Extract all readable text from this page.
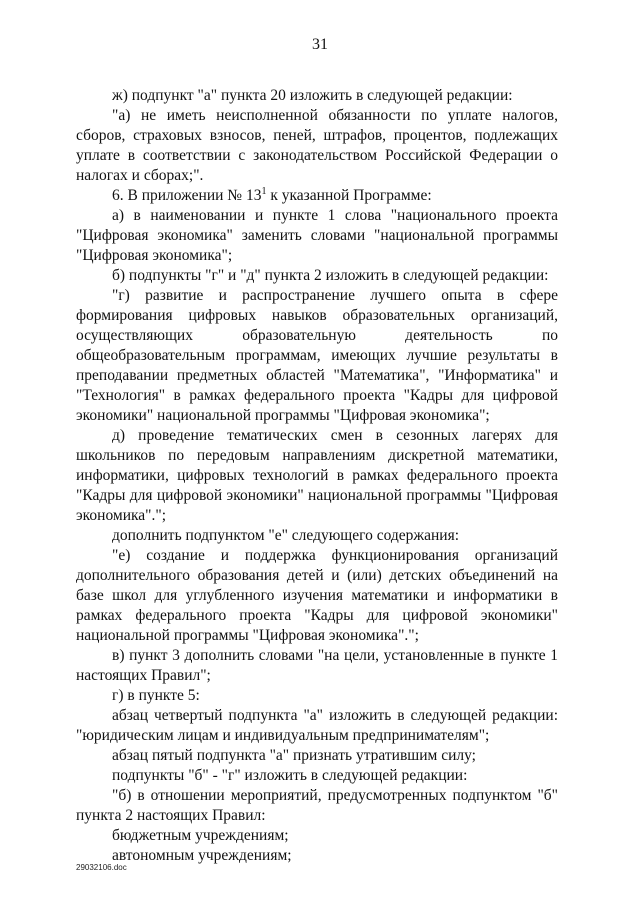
31

ж) подпункт "а" пункта 20 изложить в следующей редакции:

"а) не иметь неисполненной обязанности по уплате налогов, сборов, страховых взносов, пеней, штрафов, процентов, подлежащих уплате в соответствии с законодательством Российской Федерации о налогах и сборах;".

6. В приложении № $13^1$ к указанной Программе:

а) в наименовании и пункте 1 слова "национального проекта "Цифровая экономика" заменить словами "национальной программы "Цифровая экономика";

б) подпункты "г" и "д" пункта 2 изложить в следующей редакции:

"г) развитие и распространение лучшего опыта в сфере формирования цифровых навыков образовательных организаций, осуществляющих образовательную деятельность по общеобразовательным программам, имеющих лучшие результаты в преподавании предметных областей "Математика", "Информатика" и "Технология" в рамках федерального проекта "Кадры для цифровой экономики" национальной программы "Цифровая экономика";

д) проведение тематических смен в сезонных лагерях для школьников по передовым направлениям дискретной математики, информатики, цифровых технологий в рамках федерального проекта "Кадры для цифровой экономики" национальной программы "Цифровая экономика".";

дополнить подпунктом "е" следующего содержания:

"е) создание и поддержка функционирования организаций дополнительного образования детей и (или) детских объединений на базе школ для углубленного изучения математики и информатики в рамках федерального проекта "Кадры для цифровой экономики" национальной программы "Цифровая экономика".";

в) пункт 3 дополнить словами "на цели, установленные в пункте 1 настоящих Правил";

г) в пункте 5:

абзац четвертый подпункта "а" изложить в следующей редакции: "юридическим лицам и индивидуальным предпринимателям";

абзац пятый подпункта "а" признать утратившим силу;

подпункты "б" - "г" изложить в следующей редакции:

"б) в отношении мероприятий, предусмотренных подпунктом "б" пункта 2 настоящих Правил:

бюджетным учреждениям;

автономным учреждениям;

29032106.doc
